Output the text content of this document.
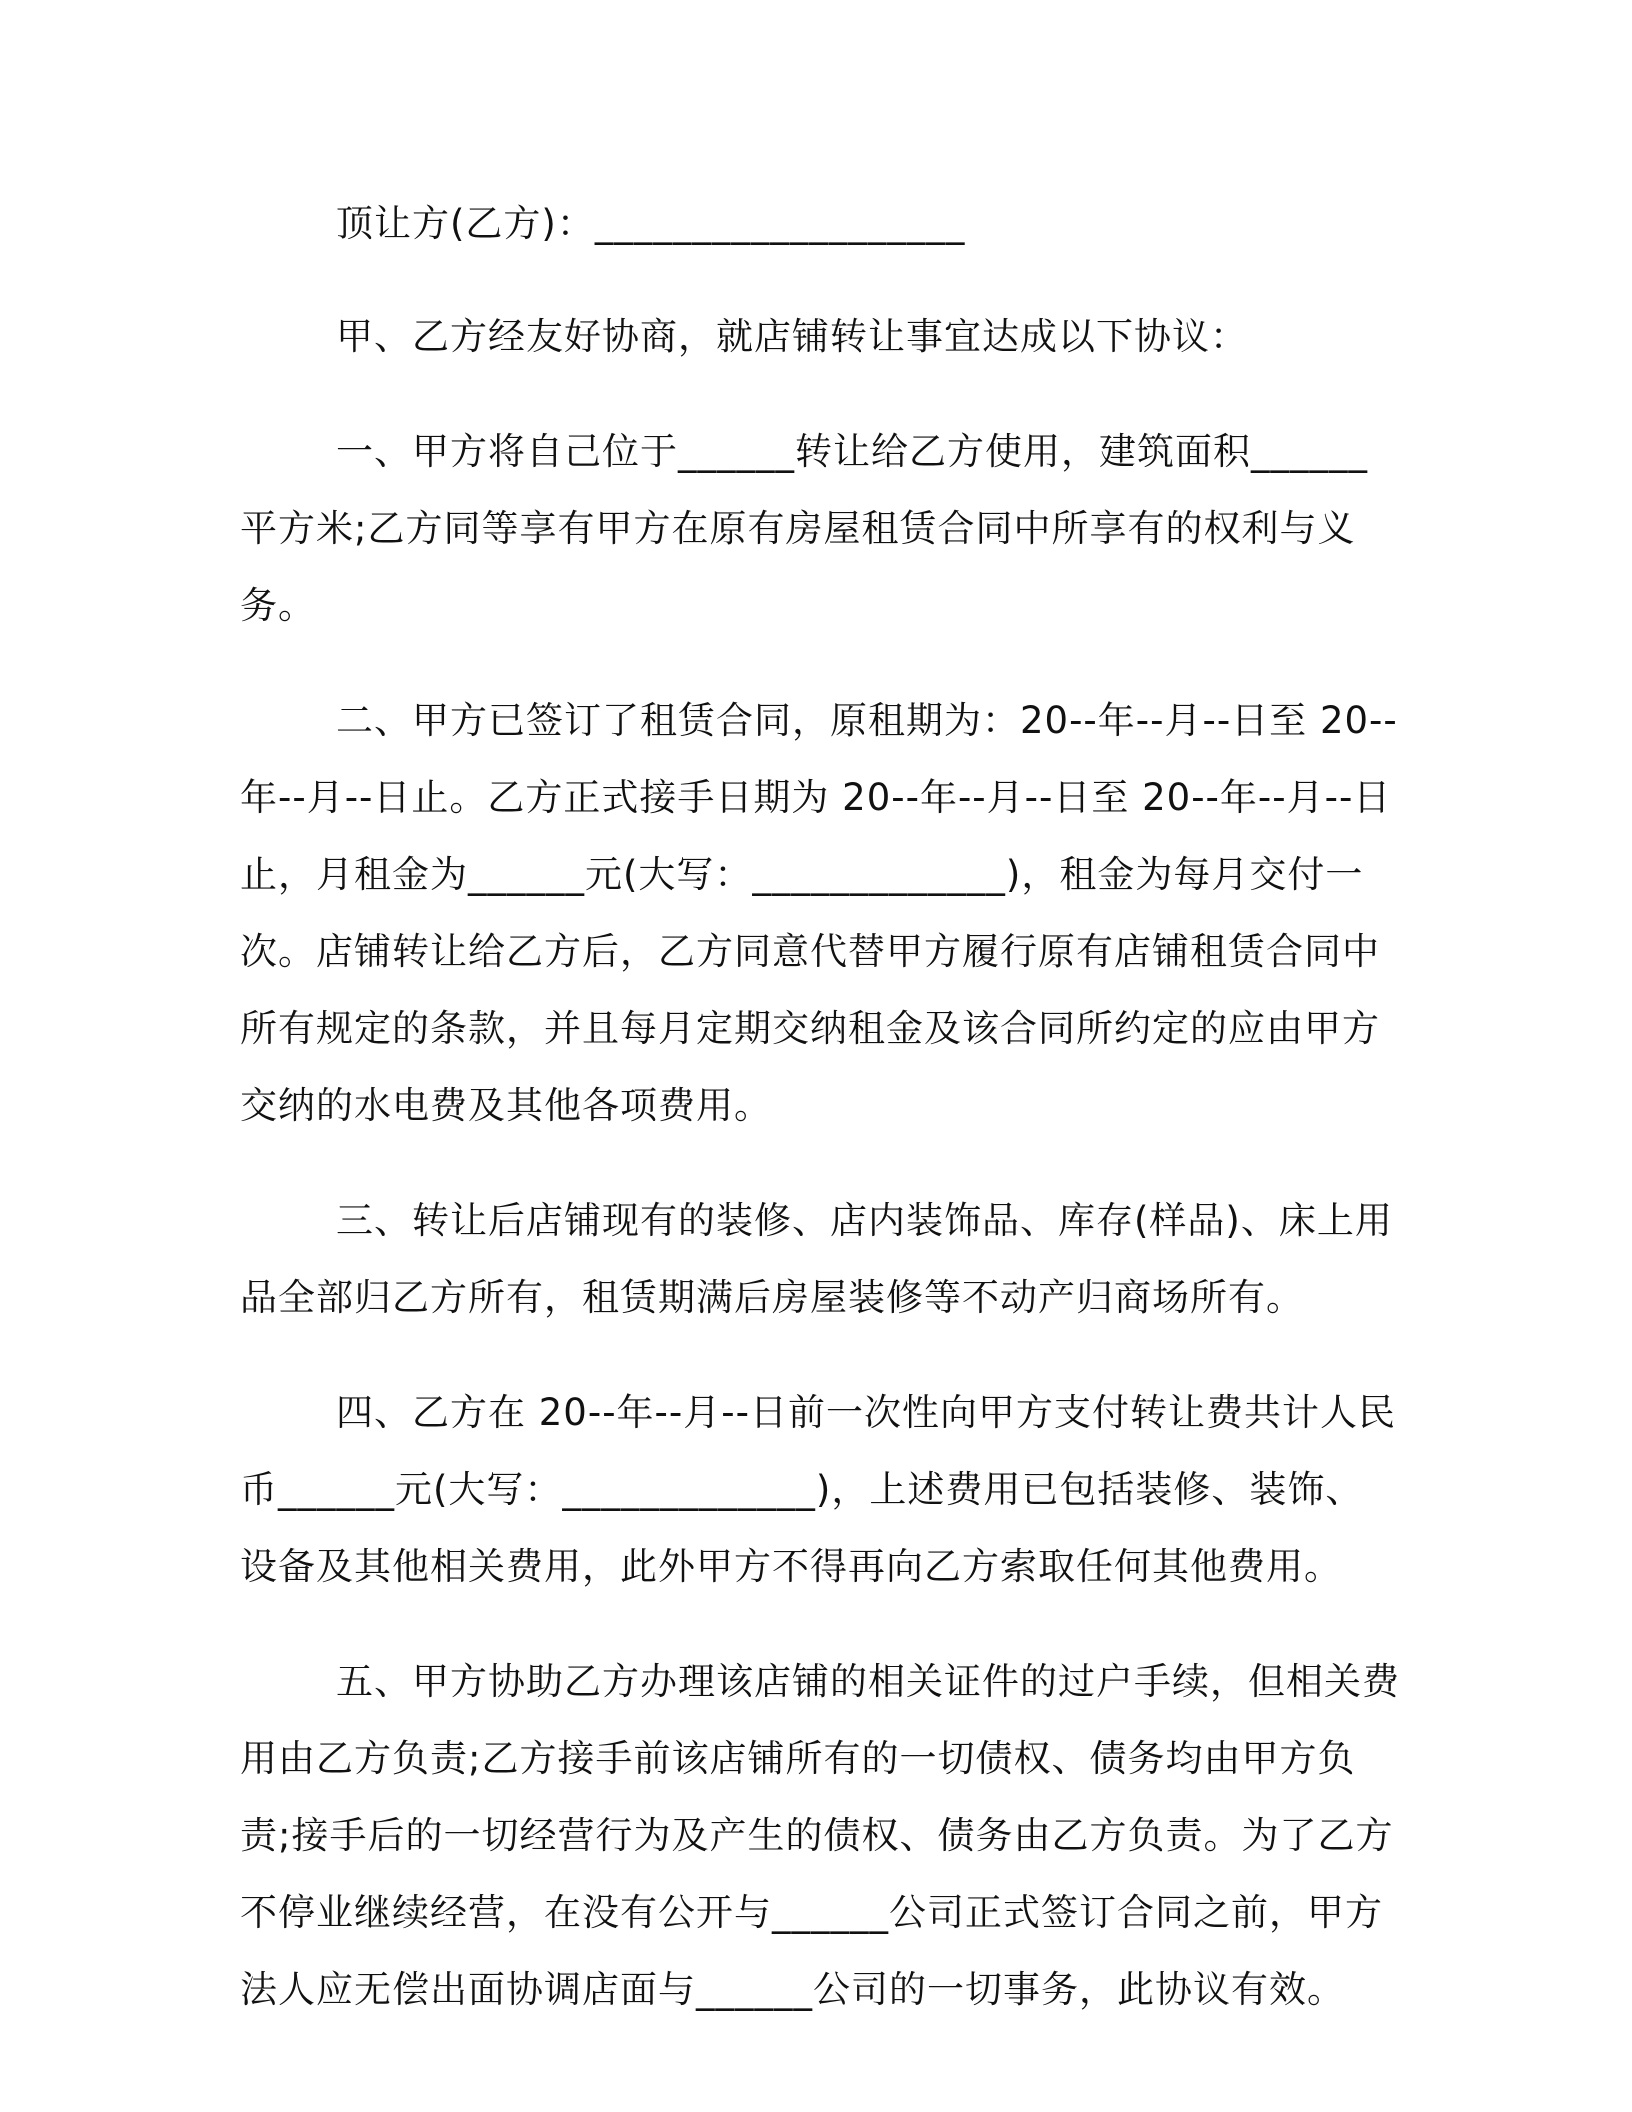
顶让方(乙方)：___________________

甲、乙方经友好协商，就店铺转让事宜达成以下协议：

一、甲方将自己位于______转让给乙方使用，建筑面积______平方米;乙方同等享有甲方在原有房屋租赁合同中所享有的权利与义务。

二、甲方已签订了租赁合同，原租期为：20--年--月--日至 20--年--月--日止。乙方正式接手日期为 20--年--月--日至 20--年--月--日止，月租金为______元(大写：_____________)，租金为每月交付一次。店铺转让给乙方后，乙方同意代替甲方履行原有店铺租赁合同中所有规定的条款，并且每月定期交纳租金及该合同所约定的应由甲方交纳的水电费及其他各项费用。

三、转让后店铺现有的装修、店内装饰品、库存(样品)、床上用品全部归乙方所有，租赁期满后房屋装修等不动产归商场所有。

四、乙方在 20--年--月--日前一次性向甲方支付转让费共计人民币______元(大写：_____________)，上述费用已包括装修、装饰、设备及其他相关费用，此外甲方不得再向乙方索取任何其他费用。

五、甲方协助乙方办理该店铺的相关证件的过户手续，但相关费用由乙方负责;乙方接手前该店铺所有的一切债权、债务均由甲方负责;接手后的一切经营行为及产生的债权、债务由乙方负责。为了乙方不停业继续经营，在没有公开与______公司正式签订合同之前，甲方法人应无偿出面协调店面与______公司的一切事务，此协议有效。
